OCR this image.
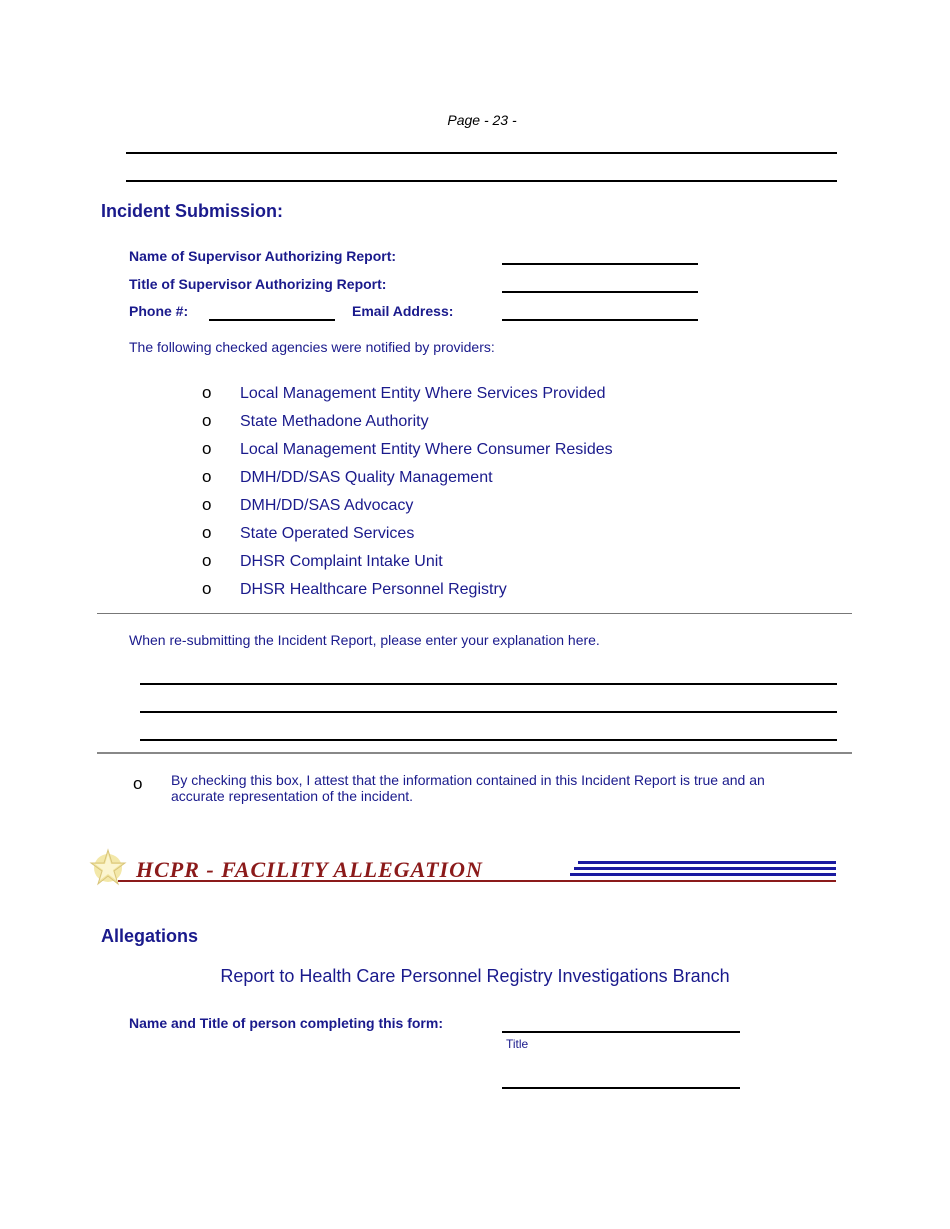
Page - 23 -
Incident Submission:
Name of Supervisor Authorizing Report:
Title of Supervisor Authorizing Report:
Phone #:	Email Address:
The following checked agencies were notified by providers:
o Local Management Entity Where Services Provided
o State Methadone Authority
o Local Management Entity Where Consumer Resides
o DMH/DD/SAS Quality Management
o DMH/DD/SAS Advocacy
o State Operated Services
o DHSR Complaint Intake Unit
o DHSR Healthcare Personnel Registry
When re-submitting the Incident Report, please enter your explanation here.
o By checking this box, I attest that the information contained in this Incident Report is true and an
accurate representation of the incident.
HCPR - FACILITY ALLEGATION
Allegations
Report to Health Care Personnel Registry Investigations Branch
Name and Title of person completing this form:
Title
